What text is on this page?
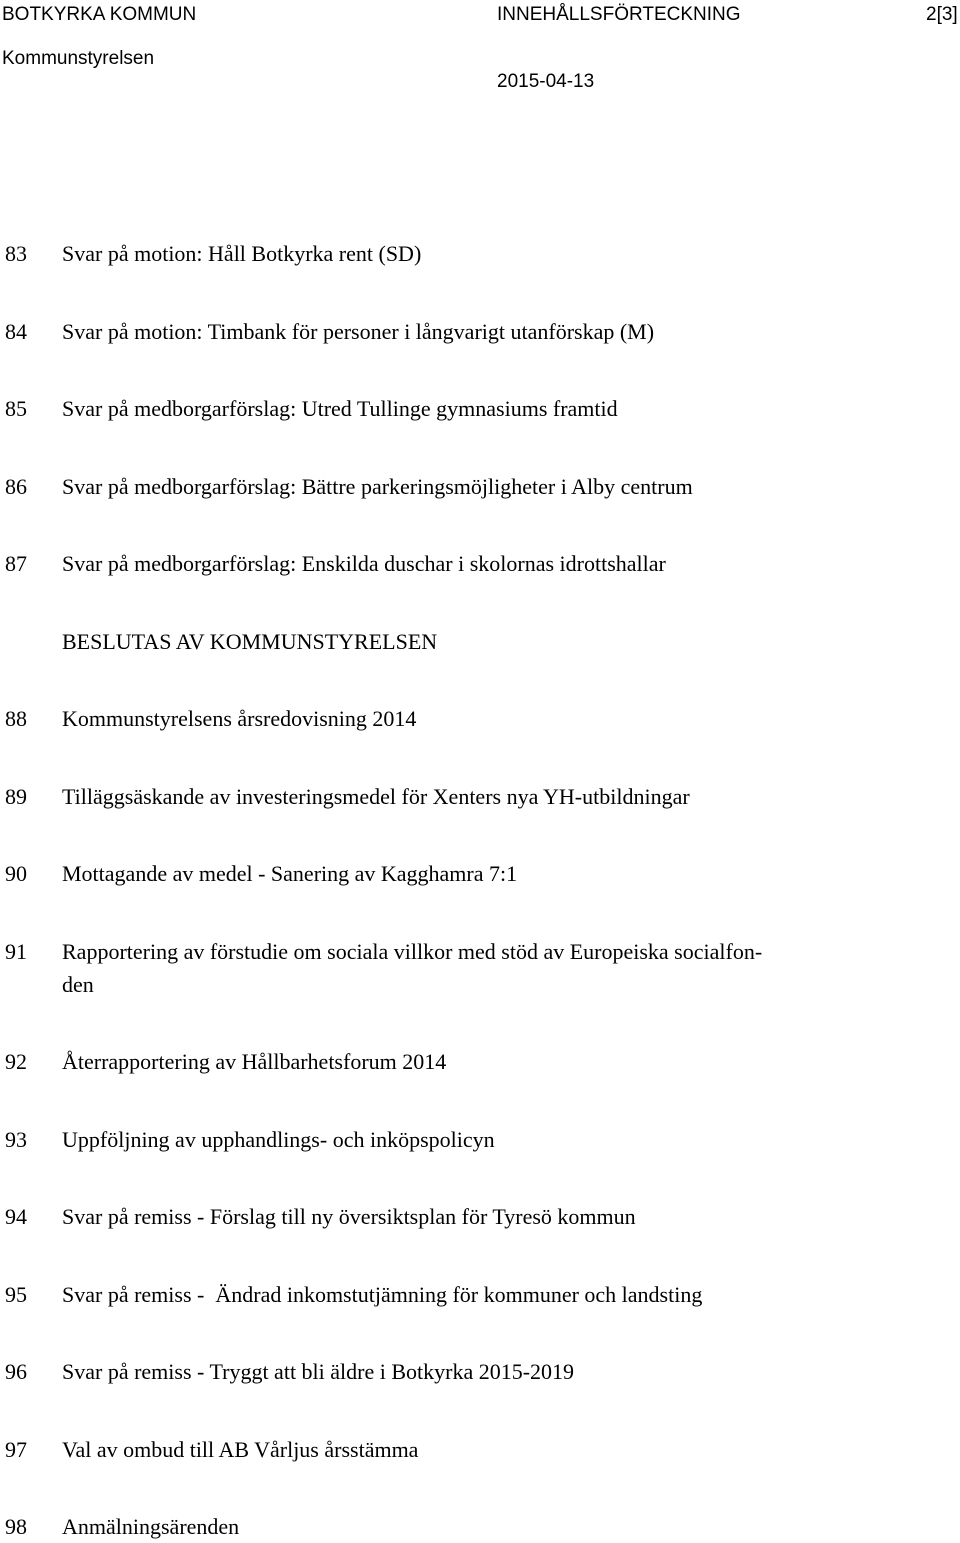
BOTKYRKA KOMMUN	INNEHÅLLSFÖRTECKNING	2[3]
Kommunstyrelsen
2015-04-13
83 Svar på motion: Håll Botkyrka rent (SD)
84 Svar på motion: Timbank för personer i långvarigt utanförskap (M)
85 Svar på medborgarförslag: Utred Tullinge gymnasiums framtid
86 Svar på medborgarförslag: Bättre parkeringsmöjligheter i Alby centrum
87 Svar på medborgarförslag: Enskilda duschar i skolornas idrottshallar
BESLUTAS AV KOMMUNSTYRELSEN
88 Kommunstyrelsens årsredovisning 2014
89 Tilläggsäskande av investeringsmedel för Xenters nya YH-utbildningar
90 Mottagande av medel - Sanering av Kagghamra 7:1
91 Rapportering av förstudie om sociala villkor med stöd av Europeiska socialfon-
den
92 Återrapportering av Hållbarhetsforum 2014
93 Uppföljning av upphandlings- och inköpspolicyn
94 Svar på remiss - Förslag till ny översiktsplan för Tyresö kommun
95 Svar på remiss -  Ändrad inkomstutjämning för kommuner och landsting
96 Svar på remiss - Tryggt att bli äldre i Botkyrka 2015-2019
97 Val av ombud till AB Vårljus årsstämma
98 Anmälningsärenden
